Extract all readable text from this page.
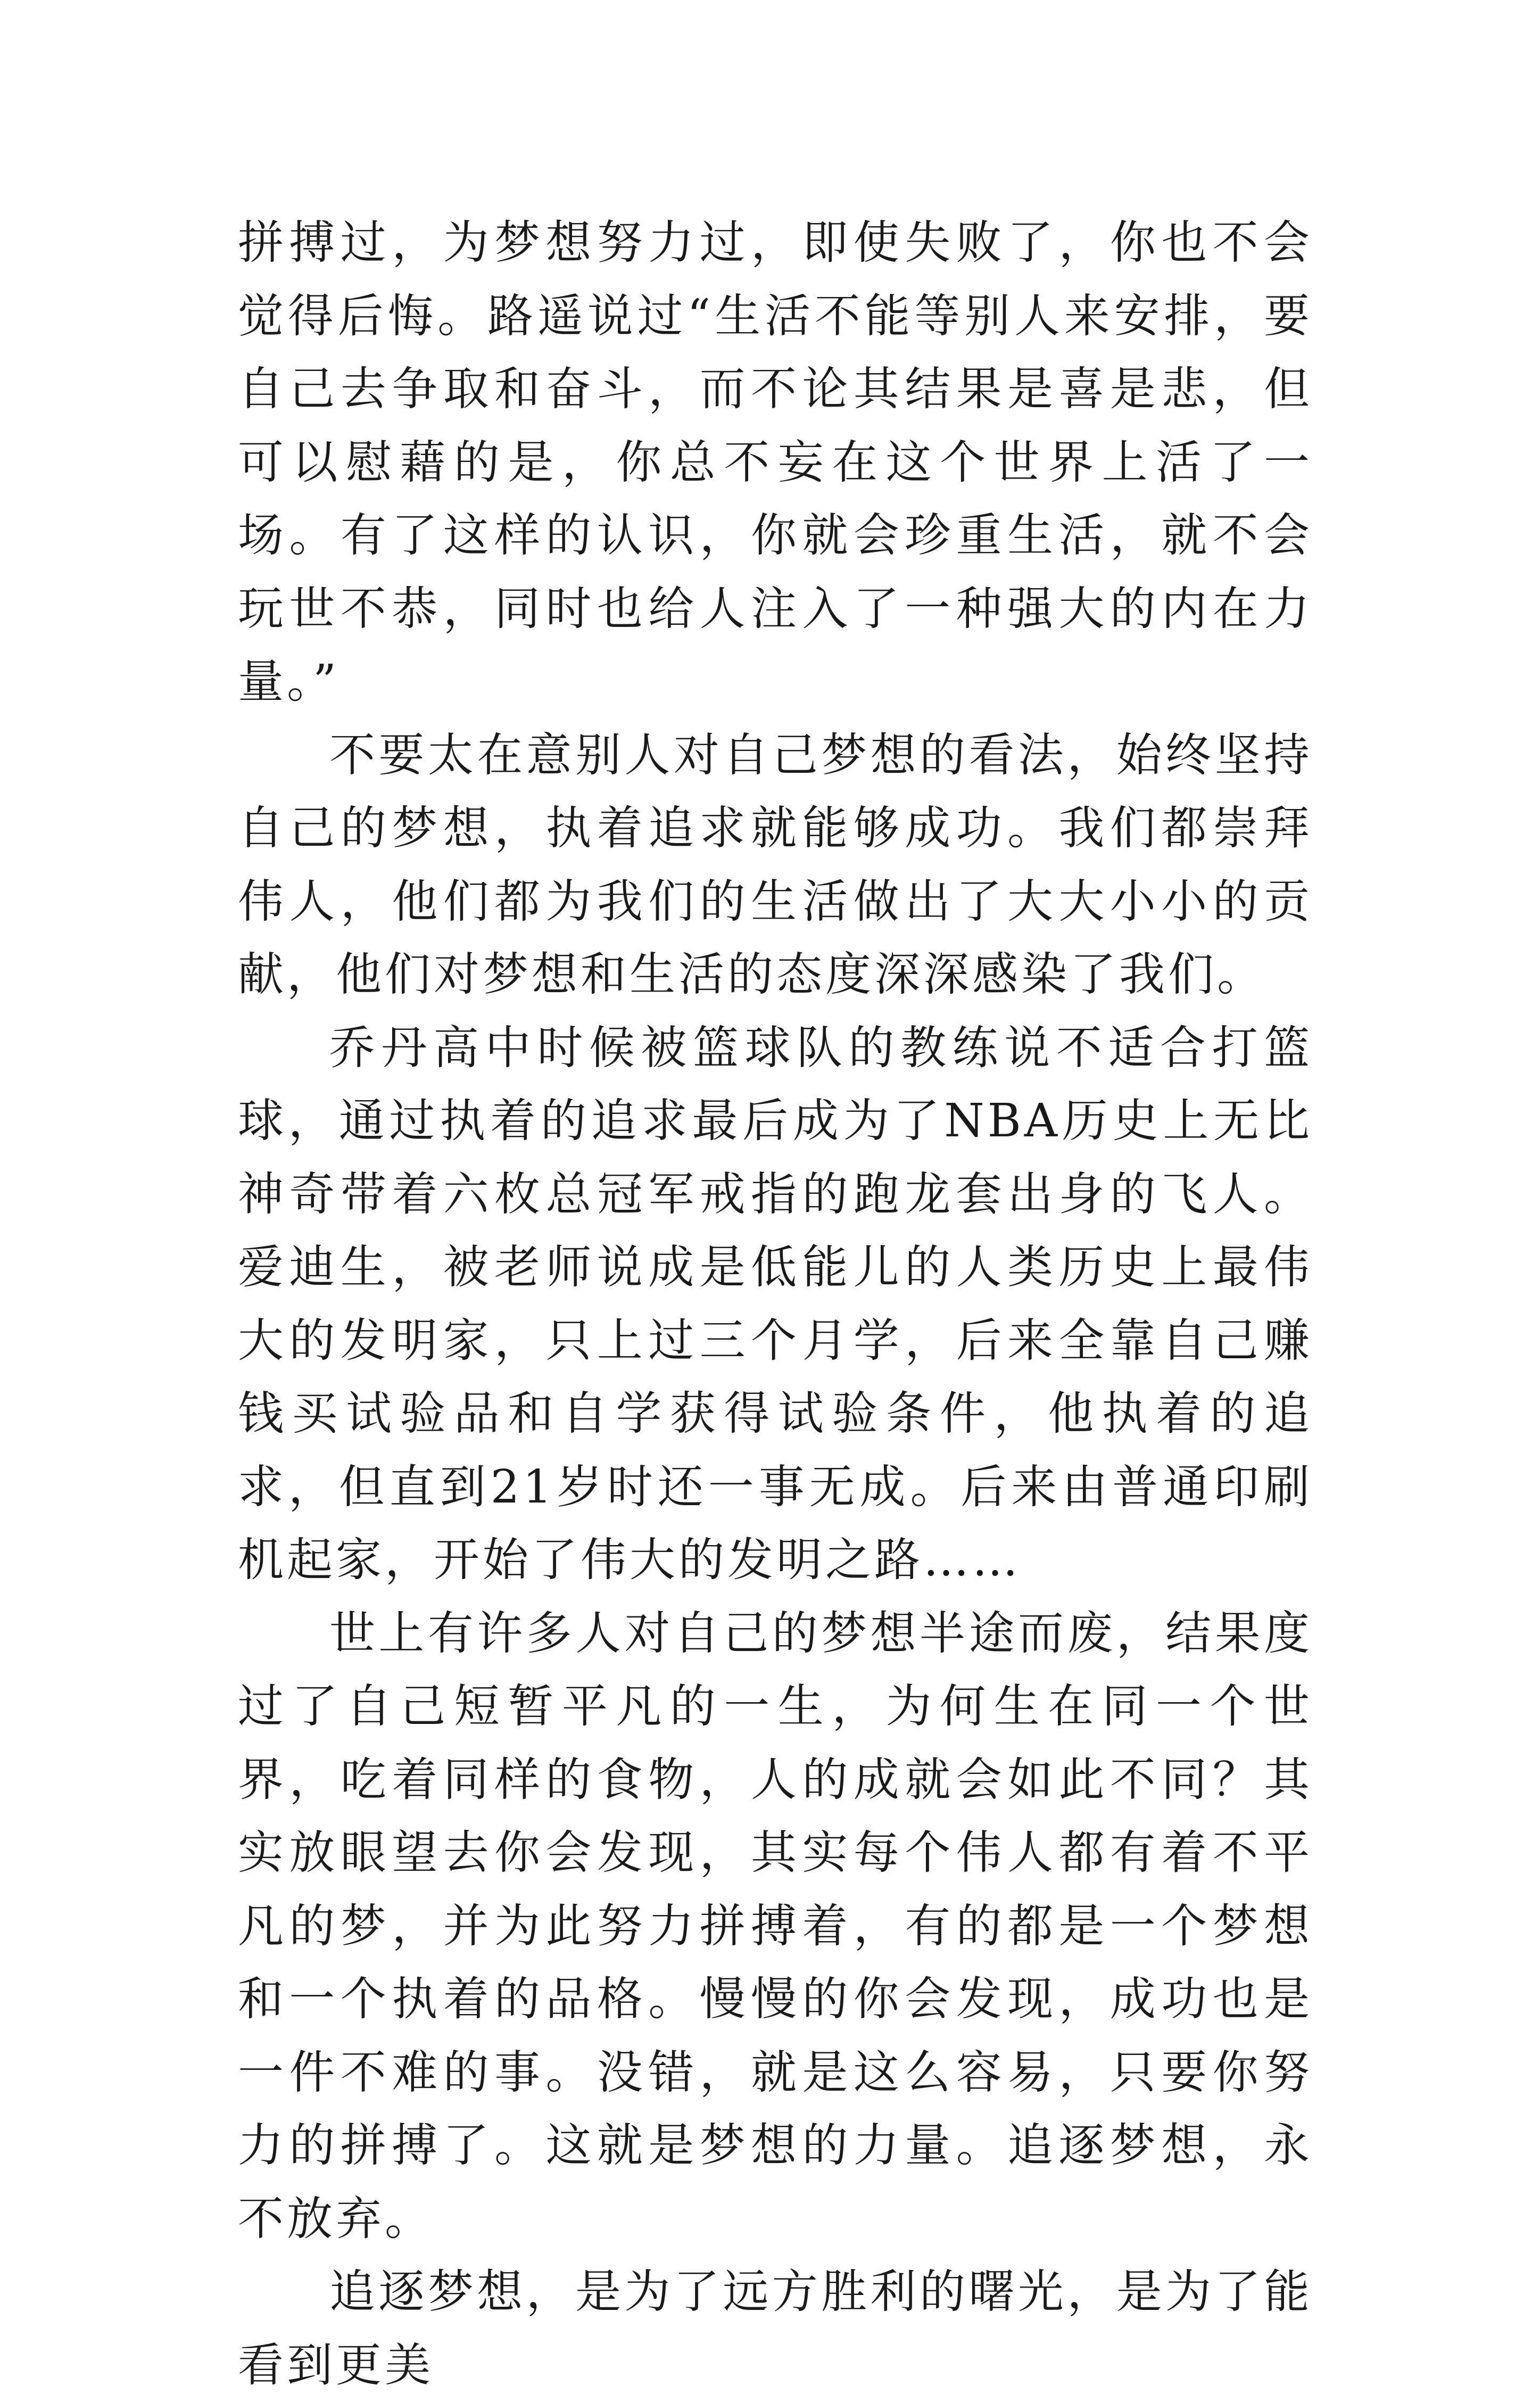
拼搏过，为梦想努力过，即使失败了，你也不会觉得后悔。路遥说过“生活不能等别人来安排，要自己去争取和奋斗，而不论其结果是喜是悲，但可以慰藉的是，你总不妄在这个世界上活了一场。有了这样的认识，你就会珍重生活，就不会玩世不恭，同时也给人注入了一种强大的内在力量。”

不要太在意别人对自己梦想的看法，始终坚持自己的梦想，执着追求就能够成功。我们都崇拜伟人，他们都为我们的生活做出了大大小小的贡献，他们对梦想和生活的态度深深感染了我们。

乔丹高中时候被篮球队的教练说不适合打篮球，通过执着的追求最后成为了NBA历史上无比神奇带着六枚总冠军戒指的跑龙套出身的飞人。爱迪生，被老师说成是低能儿的人类历史上最伟大的发明家，只上过三个月学，后来全靠自己赚钱买试验品和自学获得试验条件，他执着的追求，但直到21岁时还一事无成。后来由普通印刷机起家，开始了伟大的发明之路……

世上有许多人对自己的梦想半途而废，结果度过了自己短暂平凡的一生，为何生在同一个世界，吃着同样的食物，人的成就会如此不同？其实放眼望去你会发现，其实每个伟人都有着不平凡的梦，并为此努力拼搏着，有的都是一个梦想和一个执着的品格。慢慢的你会发现，成功也是一件不难的事。没错，就是这么容易，只要你努力的拼搏了。这就是梦想的力量。追逐梦想，永不放弃。

追逐梦想，是为了远方胜利的曙光，是为了能看到更美
